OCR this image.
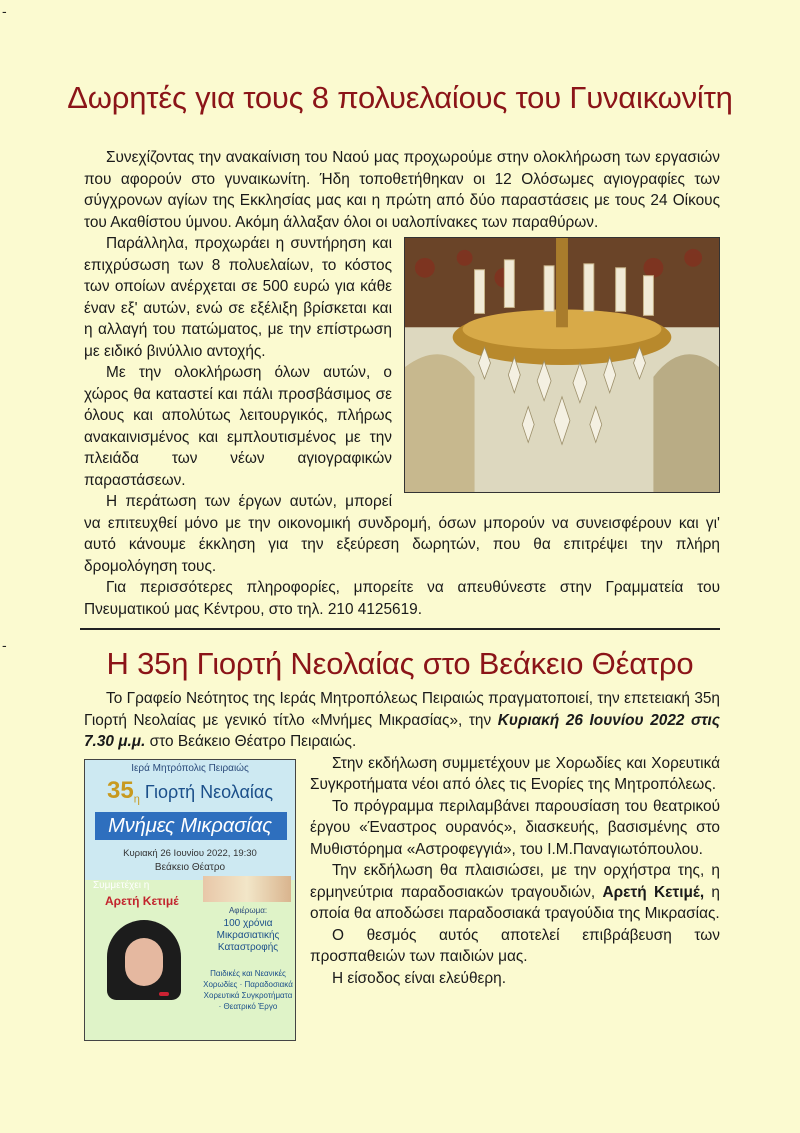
-
Δωρητές για τους 8 πολυελαίους του Γυναικωνίτη

Συνεχίζοντας την ανακαίνιση του Ναού μας προχωρούμε στην ολοκλήρωση των εργασιών που αφορούν στο γυναικωνίτη. Ήδη τοποθετήθηκαν οι 12 Ολόσωμες αγιογραφίες των σύγχρονων αγίων της Εκκλησίας μας και η πρώτη από δύο παραστάσεις με τους 24 Οίκους του Ακαθίστου ύμνου. Ακόμη άλλαξαν όλοι οι υαλοπίνακες των παραθύρων.

Παράλληλα, προχωράει η συντήρηση και επιχρύσωση των 8 πολυελαίων, το κόστος των οποίων ανέρχεται σε 500 ευρώ για κάθε έναν εξ' αυτών, ενώ σε εξέλιξη βρίσκεται και η αλλαγή του πατώματος, με την επίστρωση με ειδικό βινύλλιο αντοχής.

Με την ολοκλήρωση όλων αυτών, ο χώρος θα καταστεί και πάλι προσβάσιμος σε όλους και απολύτως λειτουργικός, πλήρως ανακαινισμένος και εμπλουτισμένος με την πλειάδα των νέων αγιογραφικών παραστάσεων.

Η περάτωση των έργων αυτών, μπορεί να επιτευχθεί μόνο με την οικονομική συνδρομή, όσων μπορούν να συνεισφέρουν και γι' αυτό κάνουμε έκκληση για την εξεύρεση δωρητών, που θα επιτρέψει την πλήρη δρομολόγηση τους.

Για περισσότερες πληροφορίες, μπορείτε να απευθύνεστε στην Γραμματεία του Πνευματικού μας Κέντρου, στο τηλ. 210 4125619.

-
Η 35η Γιορτή Νεολαίας στο Βεάκειο Θέατρο

Το Γραφείο Νεότητος της Ιεράς Μητροπόλεως Πειραιώς πραγματοποιεί, την επετειακή 35η Γιορτή Νεολαίας με γενικό τίτλο «Μνήμες Μικρασίας», την Κυριακή 26 Ιουνίου 2022 στις 7.30 μ.μ. στο Βεάκειο Θέατρο Πειραιώς.

Ιερά Μητρόπολις Πειραιώς
$35_\eta$ Γιορτή Νεολαίας
Μνήμες Μικρασίας
Κυριακή 26 Ιουνίου 2022, 19:30
Βεάκειο Θέατρο
Συμμετέχει η
Αρετή Κετιμέ
Αφιέρωμα:
100 χρόνια Μικρασιατικής Καταστροφής
Παιδικές και Νεανικές Χορωδίες · Παραδοσιακά Χορευτικά Συγκροτήματα · Θεατρικό Έργο

Στην εκδήλωση συμμετέχουν με Χορωδίες και Χορευτικά Συγκροτήματα νέοι από όλες τις Ενορίες της Μητροπόλεως.

Το πρόγραμμα περιλαμβάνει παρουσίαση του θεατρικού έργου «Έναστρος ουρανός», διασκευής, βασισμένης στο Μυθιστόρημα «Αστροφεγγιά», του Ι.Μ.Παναγιωτόπουλου.

Την εκδήλωση θα πλαισιώσει, με την ορχήστρα της, η ερμηνεύτρια παραδοσιακών τραγουδιών, Αρετή Κετιμέ, η οποία θα αποδώσει παραδοσιακά τραγούδια της Μικρασίας.

Ο θεσμός αυτός αποτελεί επιβράβευση των προσπαθειών των παιδιών μας.

Η είσοδος είναι ελεύθερη.
